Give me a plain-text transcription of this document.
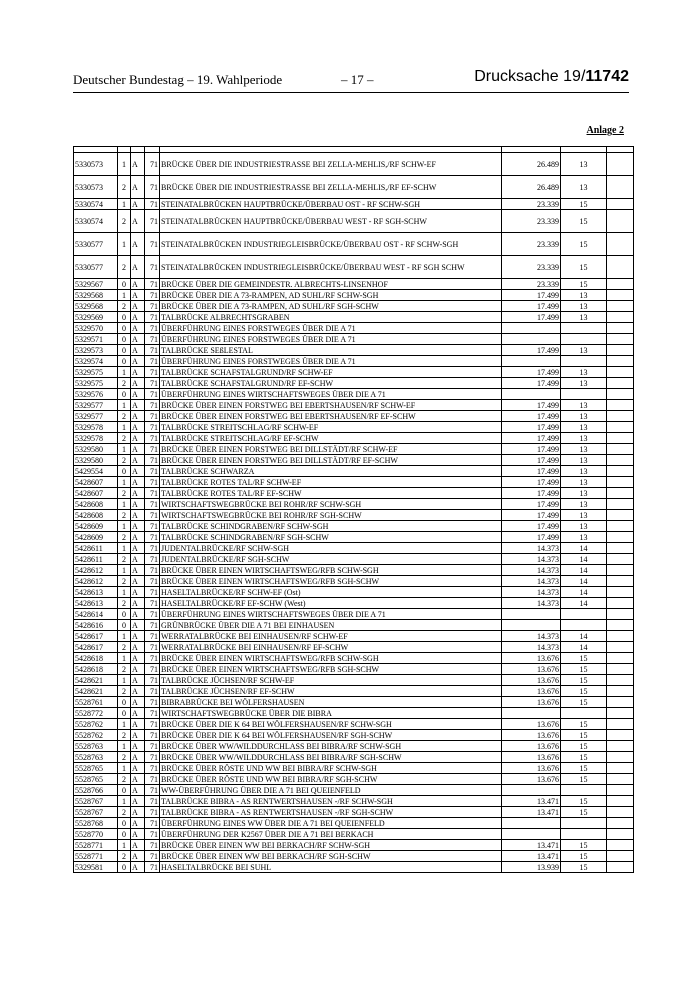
Deutscher Bundestag – 19. Wahlperiode	– 17 –	Drucksache 19/11742
Anlage 2

5330573	1	A	71	BRÜCKE ÜBER DIE INDUSTRIESTRASSE BEI ZELLA-MEHLIS,/RF SCHW-EF	26.489	13	
5330573	2	A	71	BRÜCKE ÜBER DIE INDUSTRIESTRASSE BEI ZELLA-MEHLIS,/RF EF-SCHW	26.489	13	
5330574	1	A	71	STEINATALBRÜCKEN HAUPTBRÜCKE/ÜBERBAU OST - RF SCHW-SGH	23.339	15	
5330574	2	A	71	STEINATALBRÜCKEN HAUPTBRÜCKE/ÜBERBAU WEST - RF SGH-SCHW	23.339	15	
5330577	1	A	71	STEINATALBRÜCKEN INDUSTRIEGLEISBRÜCKE/ÜBERBAU OST - RF SCHW-SGH	23.339	15	
5330577	2	A	71	STEINATALBRÜCKEN INDUSTRIEGLEISBRÜCKE/ÜBERBAU WEST - RF SGH SCHW	23.339	15	
5329567	0	A	71	BRÜCKE ÜBER DIE GEMEINDESTR. ALBRECHTS-LINSENHOF	23.339	15	
5329568	1	A	71	BRÜCKE ÜBER DIE A 73-RAMPEN, AD SUHL/RF SCHW-SGH	17.499	13	
5329568	2	A	71	BRÜCKE ÜBER DIE A 73-RAMPEN, AD SUHL/RF SGH-SCHW	17.499	13	
5329569	0	A	71	TALBRÜCKE ALBRECHTSGRABEN	17.499	13	
5329570	0	A	71	ÜBERFÜHRUNG EINES FORSTWEGES ÜBER DIE A 71			
5329571	0	A	71	ÜBERFÜHRUNG EINES FORSTWEGES ÜBER DIE A 71			
5329573	0	A	71	TALBRÜCKE SEßLESTAL	17.499	13	
5329574	0	A	71	ÜBERFÜHRUNG EINES FORSTWEGES ÜBER DIE A 71			
5329575	1	A	71	TALBRÜCKE SCHAFSTALGRUND/RF SCHW-EF	17.499	13	
5329575	2	A	71	TALBRÜCKE SCHAFSTALGRUND/RF EF-SCHW	17.499	13	
5329576	0	A	71	ÜBERFÜHRUNG EINES WIRTSCHAFTSWEGES ÜBER DIE A 71			
5329577	1	A	71	BRÜCKE ÜBER EINEN FORSTWEG BEI EBERTSHAUSEN/RF SCHW-EF	17.499	13	
5329577	2	A	71	BRÜCKE ÜBER EINEN FORSTWEG BEI EBERTSHAUSEN/RF EF-SCHW	17.499	13	
5329578	1	A	71	TALBRÜCKE STREITSCHLAG/RF SCHW-EF	17.499	13	
5329578	2	A	71	TALBRÜCKE STREITSCHLAG/RF EF-SCHW	17.499	13	
5329580	1	A	71	BRÜCKE ÜBER EINEN FORSTWEG BEI DILLSTÄDT/RF SCHW-EF	17.499	13	
5329580	2	A	71	BRÜCKE ÜBER EINEN FORSTWEG BEI DILLSTÄDT/RF EF-SCHW	17.499	13	
5429554	0	A	71	TALBRÜCKE SCHWARZA	17.499	13	
5428607	1	A	71	TALBRÜCKE ROTES TAL/RF SCHW-EF	17.499	13	
5428607	2	A	71	TALBRÜCKE ROTES TAL/RF EF-SCHW	17.499	13	
5428608	1	A	71	WIRTSCHAFTSWEGBRÜCKE BEI ROHR/RF SCHW-SGH	17.499	13	
5428608	2	A	71	WIRTSCHAFTSWEGBRÜCKE BEI ROHR/RF SGH-SCHW	17.499	13	
5428609	1	A	71	TALBRÜCKE SCHINDGRABEN/RF SCHW-SGH	17.499	13	
5428609	2	A	71	TALBRÜCKE SCHINDGRABEN/RF SGH-SCHW	17.499	13	
5428611	1	A	71	JUDENTALBRÜCKE/RF SCHW-SGH	14.373	14	
5428611	2	A	71	JUDENTALBRÜCKE/RF SGH-SCHW	14.373	14	
5428612	1	A	71	BRÜCKE ÜBER EINEN WIRTSCHAFTSWEG/RFB SCHW-SGH	14.373	14	
5428612	2	A	71	BRÜCKE ÜBER EINEN WIRTSCHAFTSWEG/RFB SGH-SCHW	14.373	14	
5428613	1	A	71	HASELTALBRÜCKE/RF SCHW-EF (Ost)	14.373	14	
5428613	2	A	71	HASELTALBRÜCKE/RF EF-SCHW (West)	14.373	14	
5428614	0	A	71	ÜBERFÜHRUNG EINES WIRTSCHAFTSWEGES ÜBER DIE A 71			
5428616	0	A	71	GRÜNBRÜCKE ÜBER DIE A 71 BEI EINHAUSEN			
5428617	1	A	71	WERRATALBRÜCKE BEI EINHAUSEN/RF SCHW-EF	14.373	14	
5428617	2	A	71	WERRATALBRÜCKE BEI EINHAUSEN/RF EF-SCHW	14.373	14	
5428618	1	A	71	BRÜCKE ÜBER EINEN WIRTSCHAFTSWEG/RFB SCHW-SGH	13.676	15	
5428618	2	A	71	BRÜCKE ÜBER EINEN WIRTSCHAFTSWEG/RFB SGH-SCHW	13.676	15	
5428621	1	A	71	TALBRÜCKE JÜCHSEN/RF SCHW-EF	13.676	15	
5428621	2	A	71	TALBRÜCKE JÜCHSEN/RF EF-SCHW	13.676	15	
5528761	0	A	71	BIBRABRÜCKE BEI WÖLFERSHAUSEN	13.676	15	
5528772	0	A	71	WIRTSCHAFTSWEGBRÜCKE ÜBER DIE BIBRA			
5528762	1	A	71	BRÜCKE ÜBER DIE K 64 BEI WÖLFERSHAUSEN/RF SCHW-SGH	13.676	15	
5528762	2	A	71	BRÜCKE ÜBER DIE K 64 BEI WÖLFERSHAUSEN/RF SGH-SCHW	13.676	15	
5528763	1	A	71	BRÜCKE ÜBER WW/WILDDURCHLASS BEI BIBRA/RF SCHW-SGH	13.676	15	
5528763	2	A	71	BRÜCKE ÜBER WW/WILDDURCHLASS BEI BIBRA/RF SGH-SCHW	13.676	15	
5528765	1	A	71	BRÜCKE ÜBER RÖSTE UND WW BEI BIBRA/RF SCHW-SGH	13.676	15	
5528765	2	A	71	BRÜCKE ÜBER RÖSTE UND WW BEI BIBRA/RF SGH-SCHW	13.676	15	
5528766	0	A	71	WW-ÜBERFÜHRUNG ÜBER DIE A 71 BEI QUEIENFELD			
5528767	1	A	71	TALBRÜCKE BIBRA - AS RENTWERTSHAUSEN -/RF SCHW-SGH	13.471	15	
5528767	2	A	71	TALBRÜCKE BIBRA - AS RENTWERTSHAUSEN -/RF SGH-SCHW	13.471	15	
5528768	0	A	71	ÜBERFÜHRUNG EINES WW ÜBER DIE A 71 BEI QUEIENFELD			
5528770	0	A	71	ÜBERFÜHRUNG DER K2567 ÜBER DIE A 71 BEI BERKACH			
5528771	1	A	71	BRÜCKE ÜBER EINEN WW BEI BERKACH/RF SCHW-SGH	13.471	15	
5528771	2	A	71	BRÜCKE ÜBER EINEN WW BEI BERKACH/RF SGH-SCHW	13.471	15	
5329581	0	A	71	HASELTALBRÜCKE BEI SUHL	13.939	15	
